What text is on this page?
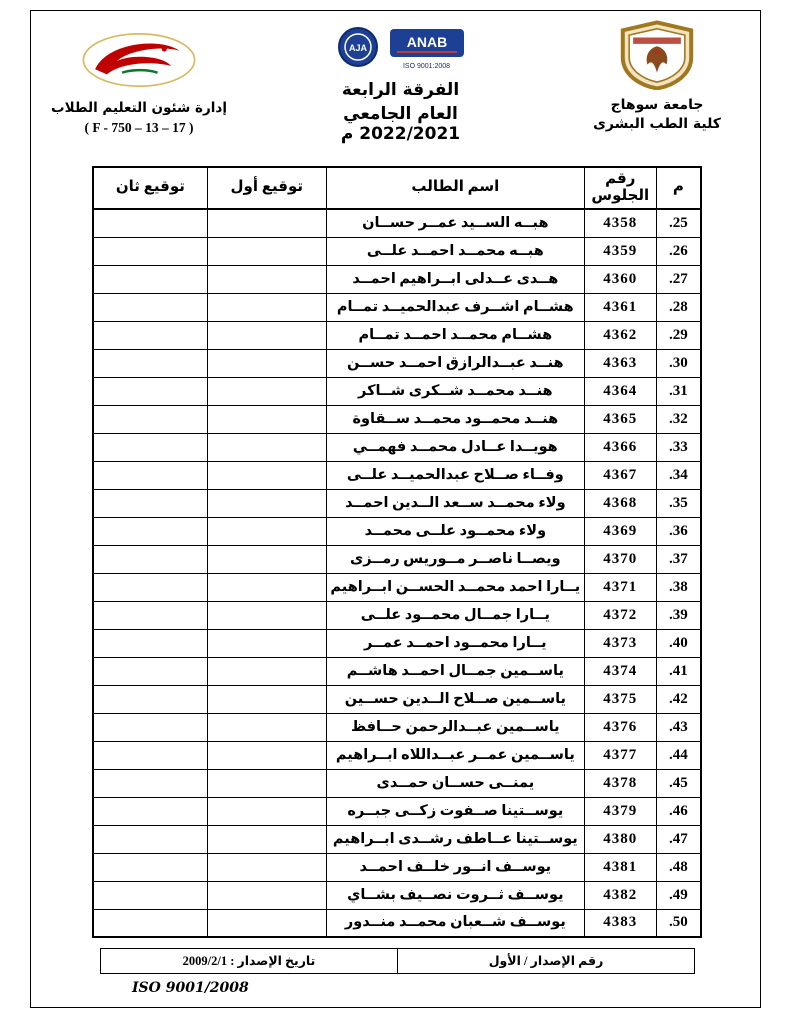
جامعة سوهاج
كلية الطب البشرى
ANAB
ISO 9001:2008
AJA
الفرقة الرابعة
العام الجامعي 2022/2021 م
إدارة شئون التعليم الطلاب
( F - 750 – 13 – 17 )
م	رقم الجلوس	اسم الطالب	توقيع أول	توقيع ثان
25.	4358	هبــه الســيد عمــر حســان		
26.	4359	هبــه محمــد احمــد علــى		
27.	4360	هــدى عــدلى ابــراهيم احمــد		
28.	4361	هشــام اشــرف عبدالحميــد تمــام		
29.	4362	هشــام محمــد احمــد تمــام		
30.	4363	هنــد عبــدالرازق احمــد حســن		
31.	4364	هنــد محمــد شــكرى شــاكر		
32.	4365	هنــد محمــود محمــد ســقاوة		
33.	4366	هويــدا عــادل محمــد فهمــي		
34.	4367	وفــاء صــلاح عبدالحميــد علــى		
35.	4368	ولاء محمــد ســعد الــدين احمــد		
36.	4369	ولاء محمــود علــى محمــد		
37.	4370	ويصــا ناصــر مــوريس رمــزى		
38.	4371	يــارا احمد محمــد الحســن ابــراهيم		
39.	4372	يــارا جمــال محمــود علــى		
40.	4373	يــارا محمــود احمــد عمــر		
41.	4374	ياســمين جمــال احمــد هاشــم		
42.	4375	ياســمين صــلاح الــدين حســين		
43.	4376	ياســمين عبــدالرحمن حــافظ		
44.	4377	ياســمين عمــر عبــداللاه ابــراهيم		
45.	4378	يمنــى حســان حمــدى		
46.	4379	يوســتينا صــفوت زكــى جبــره		
47.	4380	يوســتينا عــاطف رشــدى ابــراهيم		
48.	4381	يوســف انــور خلــف احمــد		
49.	4382	يوســف ثــروت نصــيف بشــاي		
50.	4383	يوســف شــعبان محمــد منــدور		
رقم الإصدار / الأول
تاريخ الإصدار : 2009/2/1
ISO 9001/2008
